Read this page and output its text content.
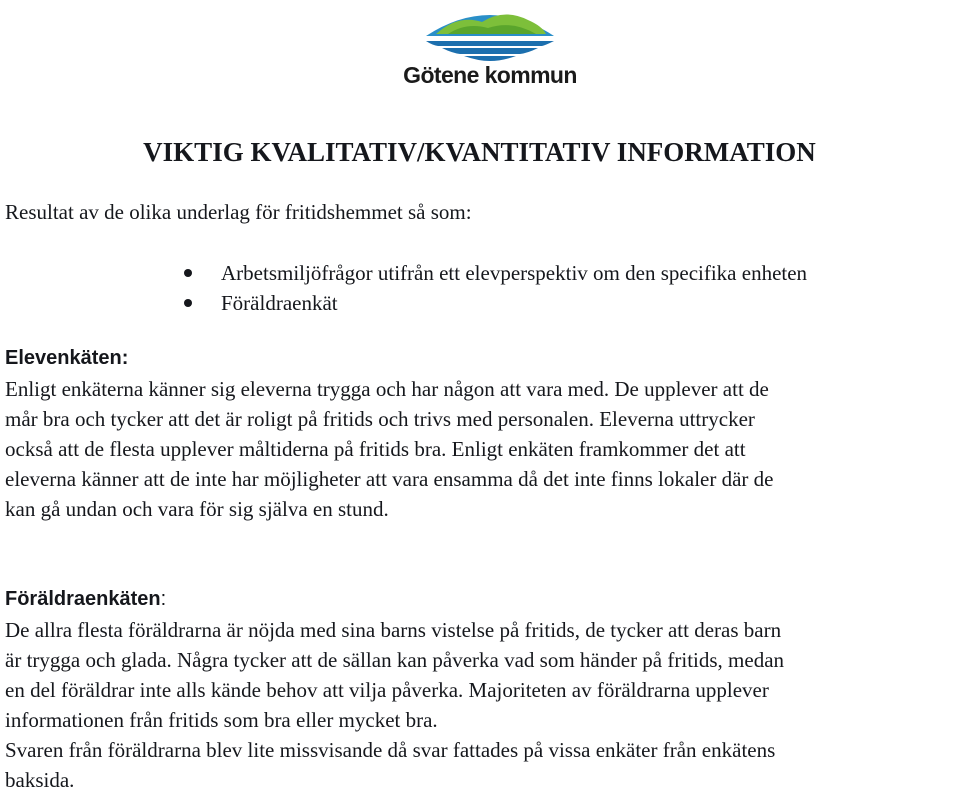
Götene kommun
VIKTIG KVALITATIV/KVANTITATIV INFORMATION
Resultat av de olika underlag för fritidshemmet så som:
Arbetsmiljöfrågor utifrån ett elevperspektiv om den specifika enheten
Föräldraenkät
Elevenkäten:
Enligt enkäterna känner sig eleverna trygga och har någon att vara med. De upplever att de
mår bra och tycker att det är roligt på fritids och trivs med personalen. Eleverna uttrycker
också att de flesta upplever måltiderna på fritids bra. Enligt enkäten framkommer det att
eleverna känner att de inte har möjligheter att vara ensamma då det inte finns lokaler där de
kan gå undan och vara för sig själva en stund.
Föräldraenkäten:
De allra flesta föräldrarna är nöjda med sina barns vistelse på fritids, de tycker att deras barn
är trygga och glada. Några tycker att de sällan kan påverka vad som händer på fritids, medan
en del föräldrar inte alls kände behov att vilja påverka. Majoriteten av föräldrarna upplever
informationen från fritids som bra eller mycket bra.
Svaren från föräldrarna blev lite missvisande då svar fattades på vissa enkäter från enkätens
baksida.
